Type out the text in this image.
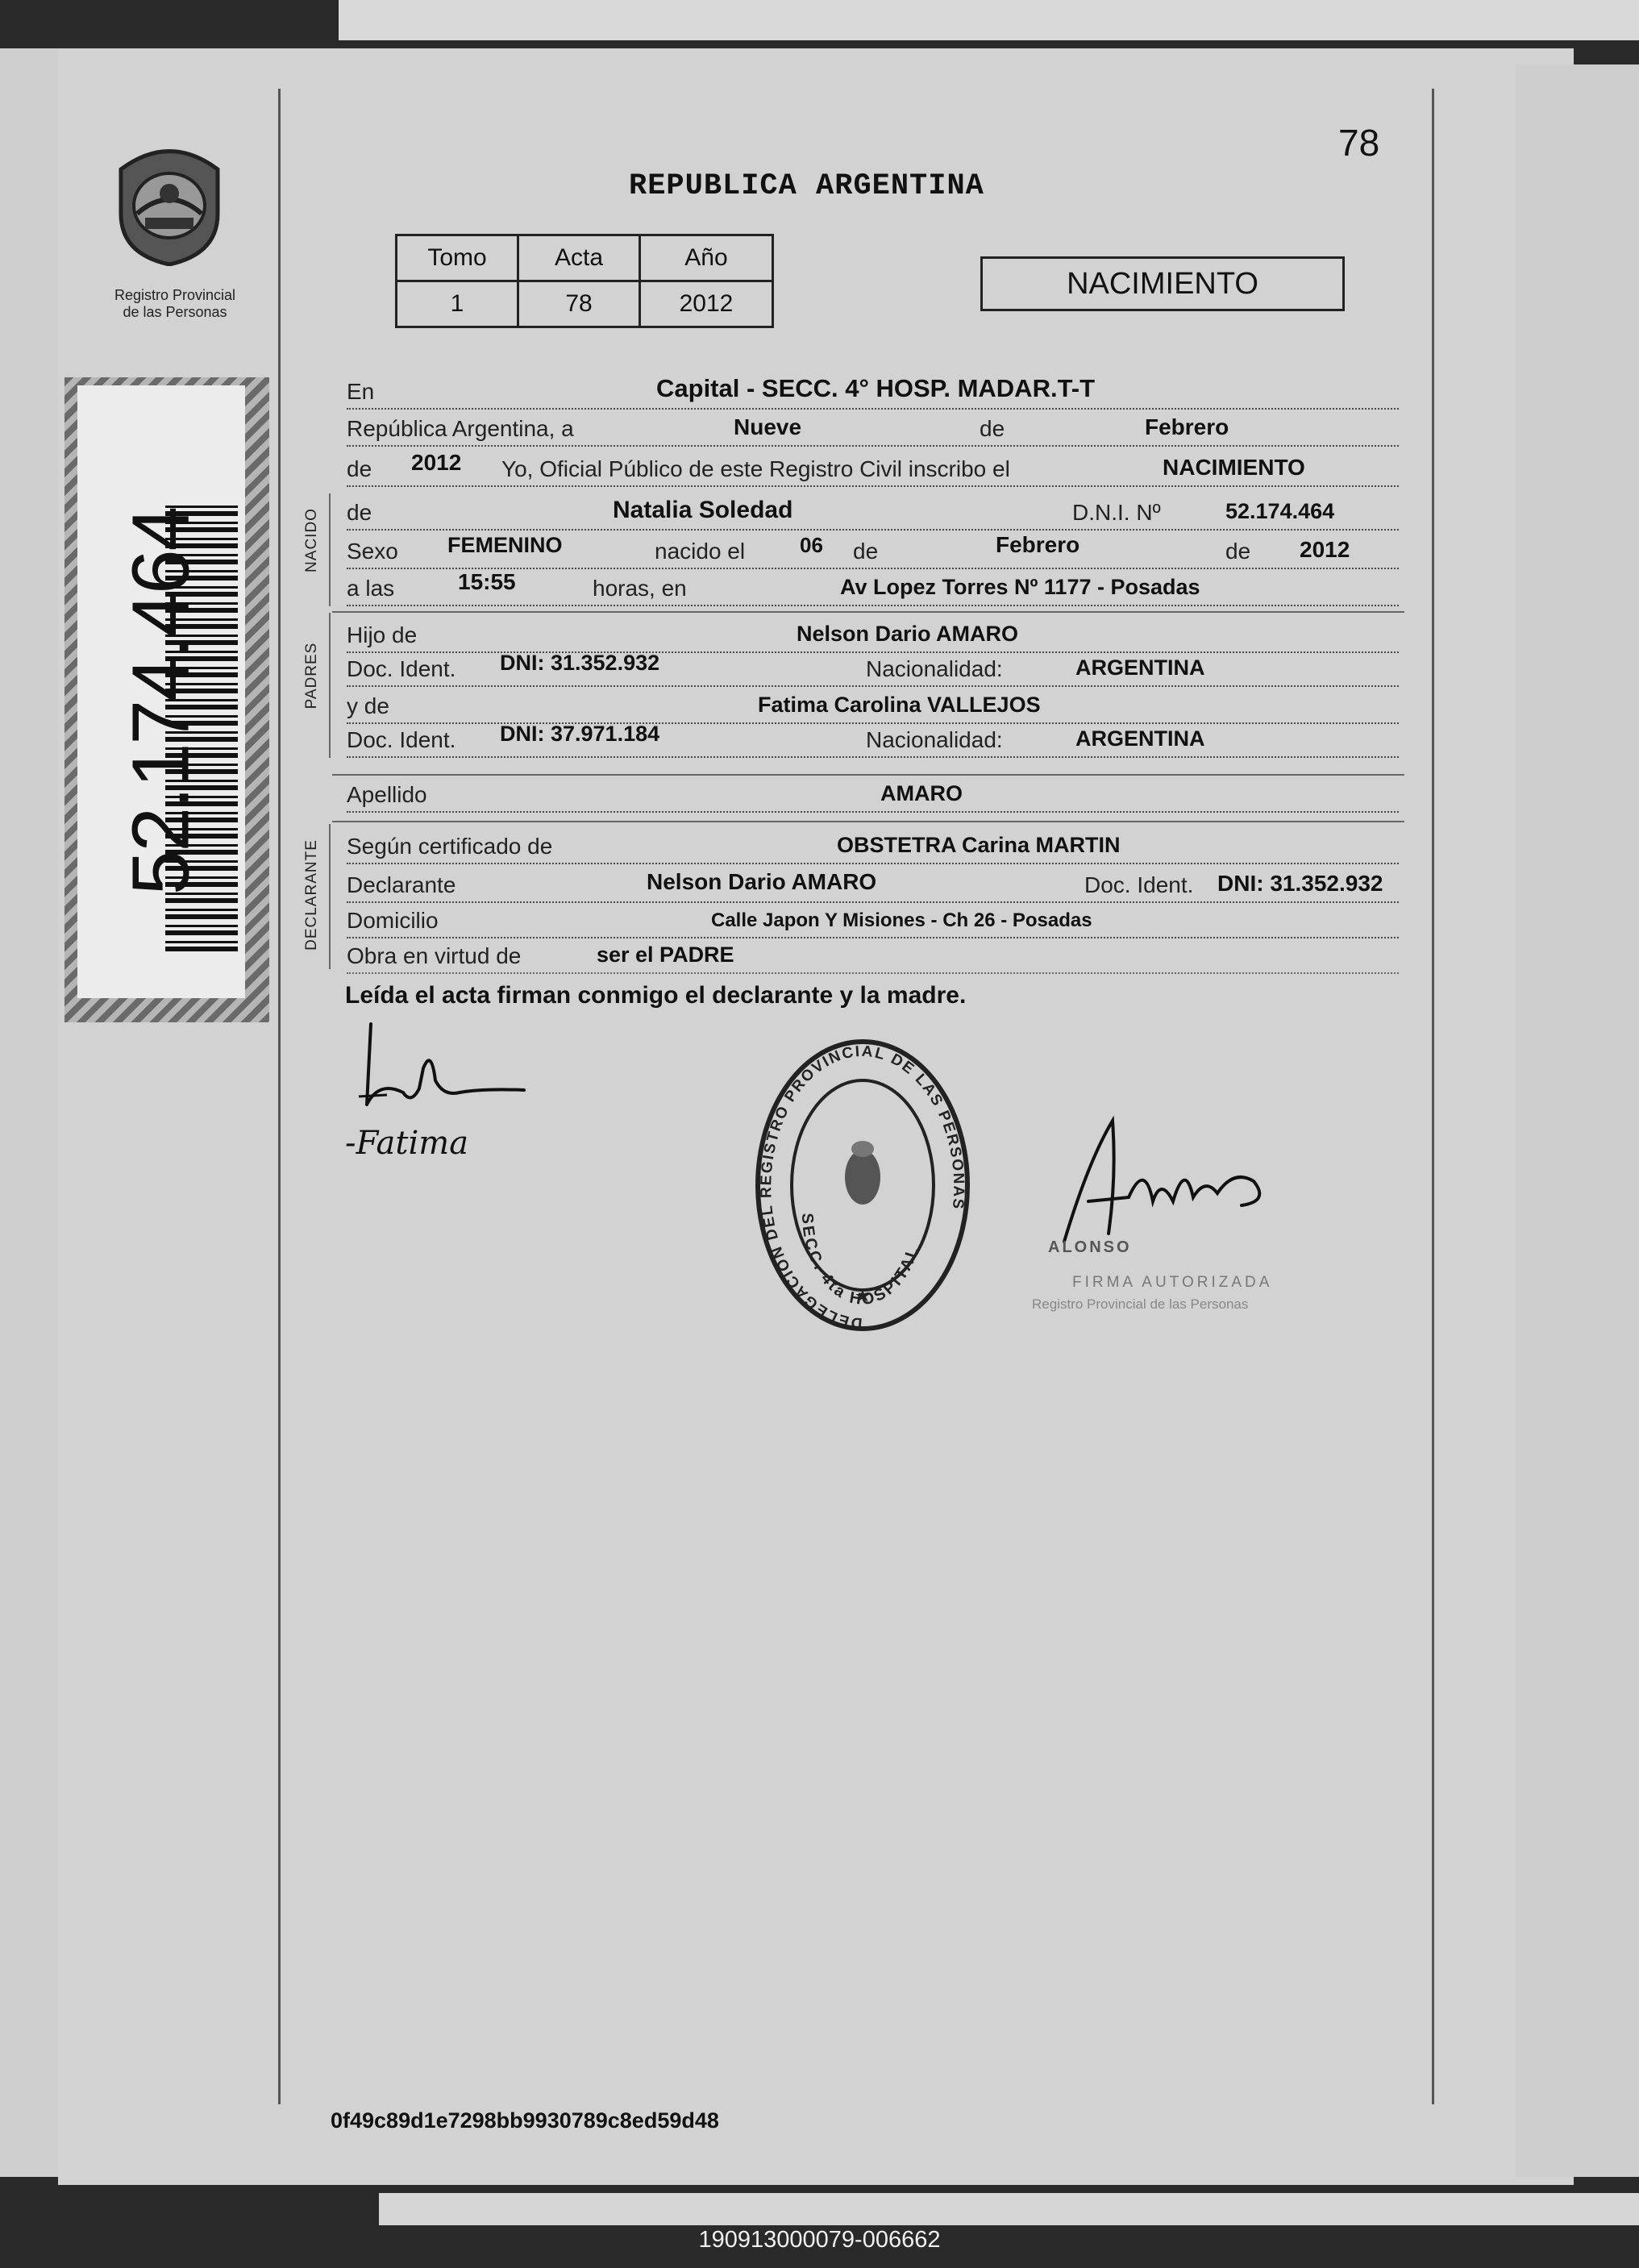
Registro Provincial
de las Personas
52.174.464
78
REPUBLICA ARGENTINA
Tomo	Acta	Año
1	78	2012
NACIMIENTO
NACIDO
PADRES
DECLARANTE
En	Capital - SECC. 4° HOSP. MADAR.T-T
República Argentina, a	Nueve	de	Febrero
de 2012 Yo, Oficial Público de este Registro Civil inscribo el	NACIMIENTO
de	Natalia Soledad	D.N.I. Nº	52.174.464
Sexo FEMENINO	nacido el	06 de	Febrero	de 2012
a las	15:55	horas, en	Av Lopez Torres Nº 1177 - Posadas
Hijo de	Nelson Dario AMARO
Doc. Ident. DNI: 31.352.932	Nacionalidad:	ARGENTINA
y de	Fatima Carolina VALLEJOS
Doc. Ident. DNI: 37.971.184	Nacionalidad:	ARGENTINA
Apellido	AMARO
Según certificado de	OBSTETRA Carina MARTIN
Declarante	Nelson Dario AMARO	Doc. Ident. DNI: 31.352.932
Domicilio	Calle Japon Y Misiones - Ch 26 - Posadas
Obra en virtud de	ser el PADRE
Leída el acta firman conmigo el declarante y la madre.
-Fatima
DELEGACION DEL REGISTRO PROVINCIAL DE LAS PERSONAS
SECC. 4ta HOSPITAL	ALONSO
FIRMA AUTORIZADA
Registro Provincial de las Personas
0f49c89d1e7298bb9930789c8ed59d48
190913000079-006662
